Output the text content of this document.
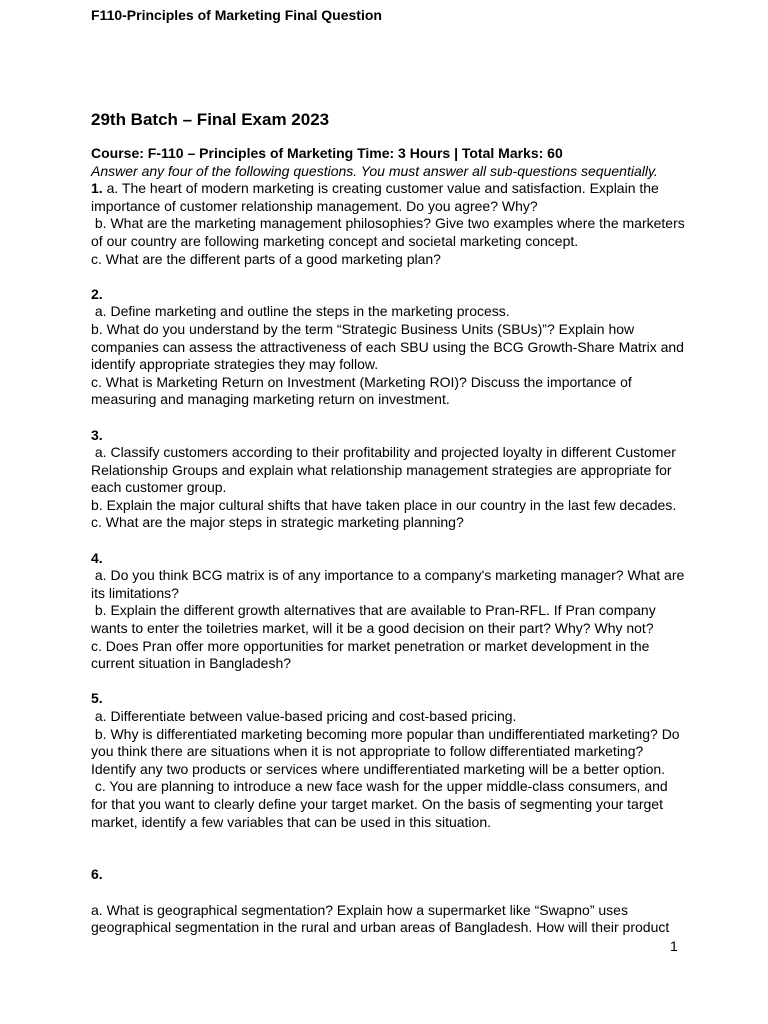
F110-Principles of Marketing Final Question
29th Batch – Final Exam 2023
Course: F-110 – Principles of Marketing Time: 3 Hours | Total Marks: 60
Answer any four of the following questions. You must answer all sub-questions sequentially.
1. a. The heart of modern marketing is creating customer value and satisfaction. Explain the
importance of customer relationship management. Do you agree? Why?
b. What are the marketing management philosophies? Give two examples where the marketers
of our country are following marketing concept and societal marketing concept.
c. What are the different parts of a good marketing plan?
2.
a. Define marketing and outline the steps in the marketing process.
b. What do you understand by the term “Strategic Business Units (SBUs)”? Explain how
companies can assess the attractiveness of each SBU using the BCG Growth-Share Matrix and
identify appropriate strategies they may follow.
c. What is Marketing Return on Investment (Marketing ROI)? Discuss the importance of
measuring and managing marketing return on investment.
3.
a. Classify customers according to their profitability and projected loyalty in different Customer
Relationship Groups and explain what relationship management strategies are appropriate for
each customer group.
b. Explain the major cultural shifts that have taken place in our country in the last few decades.
c. What are the major steps in strategic marketing planning?
4.
a. Do you think BCG matrix is of any importance to a company's marketing manager? What are
its limitations?
b. Explain the different growth alternatives that are available to Pran-RFL. If Pran company
wants to enter the toiletries market, will it be a good decision on their part? Why? Why not?
c. Does Pran offer more opportunities for market penetration or market development in the
current situation in Bangladesh?
5.
a. Differentiate between value-based pricing and cost-based pricing.
b. Why is differentiated marketing becoming more popular than undifferentiated marketing? Do
you think there are situations when it is not appropriate to follow differentiated marketing?
Identify any two products or services where undifferentiated marketing will be a better option.
c. You are planning to introduce a new face wash for the upper middle-class consumers, and
for that you want to clearly define your target market. On the basis of segmenting your target
market, identify a few variables that can be used in this situation.
6.
a. What is geographical segmentation? Explain how a supermarket like “Swapno” uses
geographical segmentation in the rural and urban areas of Bangladesh. How will their product
1
